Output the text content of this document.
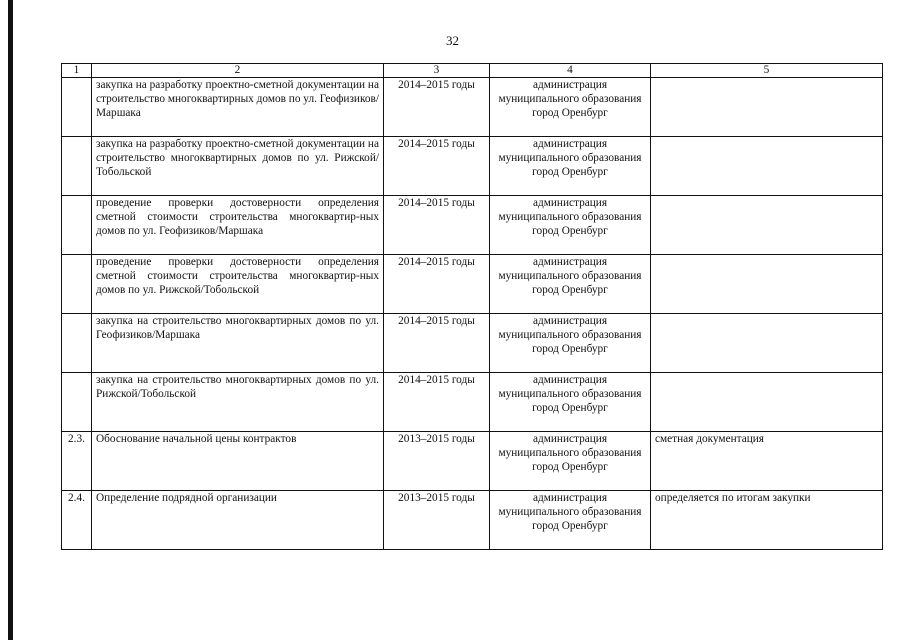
32
1	2	3	4	5
	закупка на разработку проектно-сметной документации на строительство многоквартирных домов по ул. Геофизиков/Маршака	2014–2015 годы	администрация муниципального образования город Оренбург	
	закупка на разработку проектно-сметной документации на строительство многоквартирных домов по ул. Рижской/Тобольской	2014–2015 годы	администрация муниципального образования город Оренбург	
	проведение проверки достоверности определения сметной стоимости строительства многоквартир-ных домов по ул. Геофизиков/Маршака	2014–2015 годы	администрация муниципального образования город Оренбург	
	проведение проверки достоверности определения сметной стоимости строительства многоквартир-ных домов по ул. Рижской/Тобольской	2014–2015 годы	администрация муниципального образования город Оренбург	
	закупка на строительство многоквартирных домов по ул. Геофизиков/Маршака	2014–2015 годы	администрация муниципального образования город Оренбург	
	закупка на строительство многоквартирных домов по ул. Рижской/Тобольской	2014–2015 годы	администрация муниципального образования город Оренбург	
2.3.	Обоснование начальной цены контрактов	2013–2015 годы	администрация муниципального образования город Оренбург	сметная документация
2.4.	Определение подрядной организации	2013–2015 годы	администрация муниципального образования город Оренбург	определяется по итогам закупки
